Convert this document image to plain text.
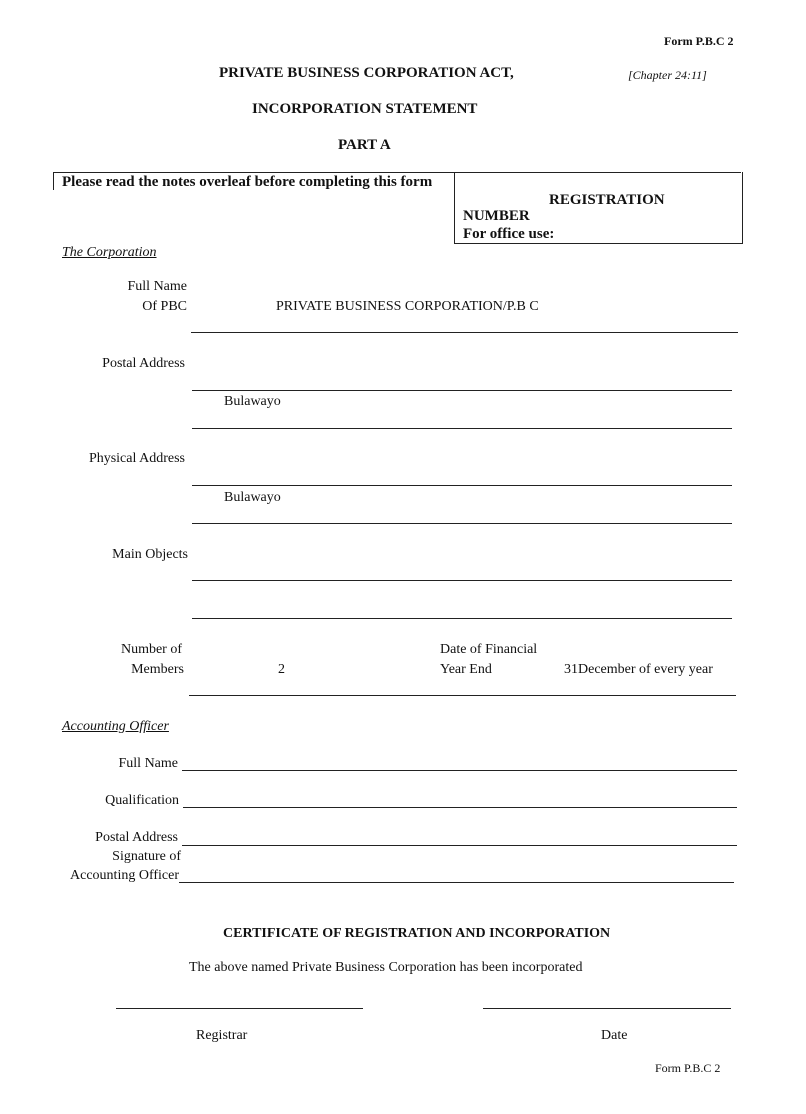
Form P.B.C 2
PRIVATE BUSINESS CORPORATION ACT,	[Chapter 24:11]
INCORPORATION STATEMENT
PART A
Please read the notes overleaf before completing this form
REGISTRATION
NUMBER
For office use:
The Corporation
Full Name
Of PBC	PRIVATE BUSINESS CORPORATION/P.B C
Postal Address
Bulawayo
Physical Address
Bulawayo
Main Objects
Number of
Members	2
Date of Financial
Year End	31December of every year
Accounting Officer
Full Name
Qualification
Postal Address
Signature of
Accounting Officer
CERTIFICATE OF REGISTRATION AND INCORPORATION
The above named Private Business Corporation has been incorporated
Registrar	Date
Form P.B.C 2
